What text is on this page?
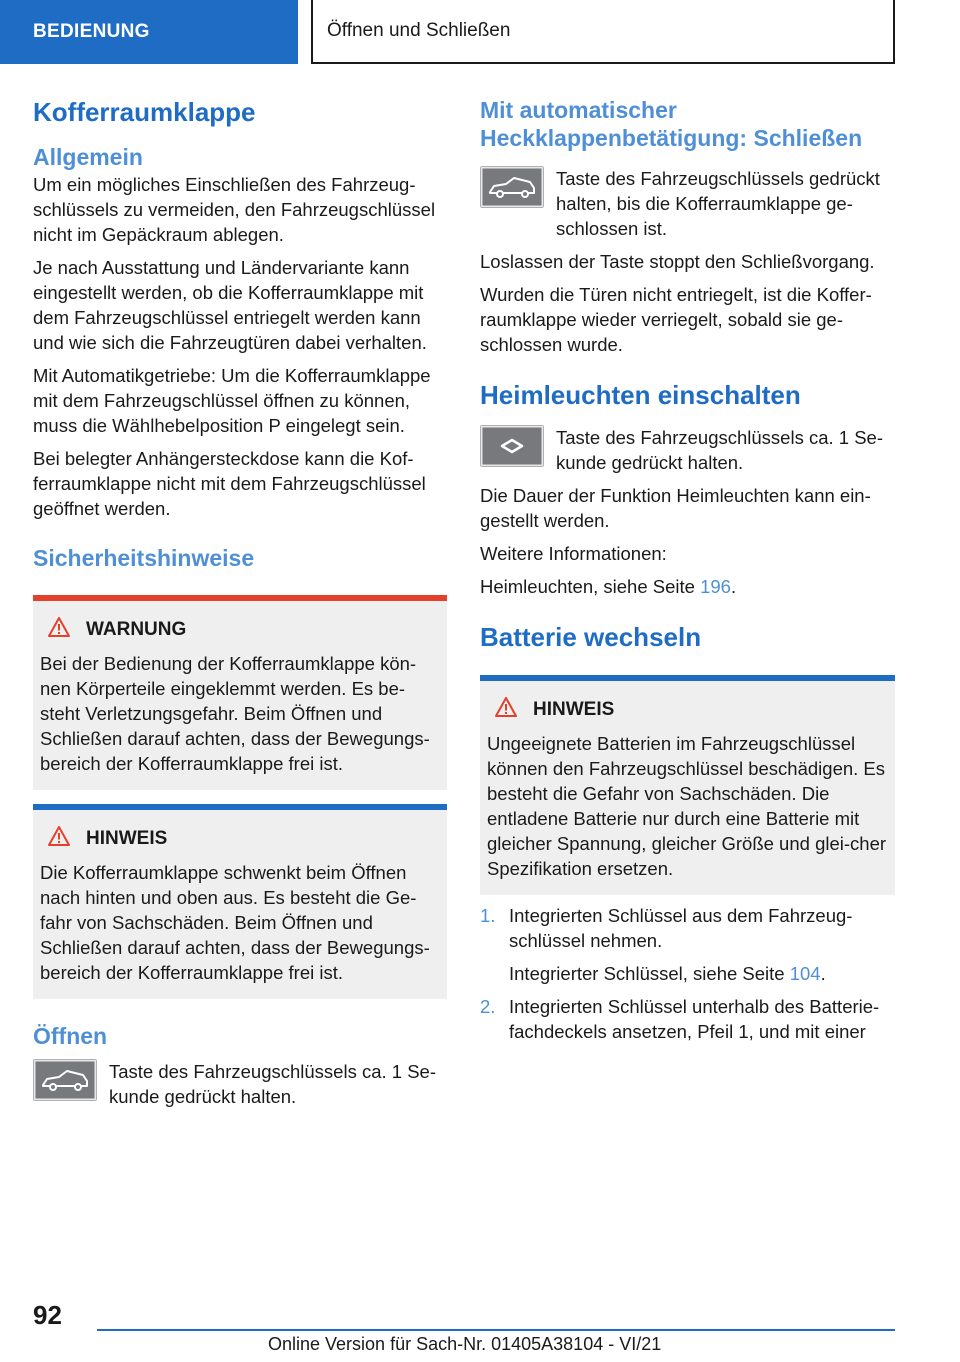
BEDIENUNG	Öffnen und Schließen
Kofferraumklappe
Allgemein

Um ein mögliches Einschließen des Fahrzeug-schlüssels zu vermeiden, den Fahrzeugschlüssel nicht im Gepäckraum ablegen.

Je nach Ausstattung und Ländervariante kann eingestellt werden, ob die Kofferraumklappe mit dem Fahrzeugschlüssel entriegelt werden kann und wie sich die Fahrzeugtüren dabei verhalten.

Mit Automatikgetriebe: Um die Kofferraumklappe mit dem Fahrzeugschlüssel öffnen zu können, muss die Wählhebelposition P eingelegt sein.

Bei belegter Anhängersteckdose kann die Kof-ferraumklappe nicht mit dem Fahrzeugschlüssel geöffnet werden.

Sicherheitshinweise
WARNUNG

Bei der Bedienung der Kofferraumklappe kön-nen Körperteile eingeklemmt werden. Es be-steht Verletzungsgefahr. Beim Öffnen und Schließen darauf achten, dass der Bewegungs-bereich der Kofferraumklappe frei ist.

HINWEIS

Die Kofferraumklappe schwenkt beim Öffnen nach hinten und oben aus. Es besteht die Ge-fahr von Sachschäden. Beim Öffnen und Schließen darauf achten, dass der Bewegungs-bereich der Kofferraumklappe frei ist.

Öffnen

Taste des Fahrzeugschlüssels ca. 1 Se-kunde gedrückt halten.

Mit automatischer Heckklappenbetätigung: Schließen

Taste des Fahrzeugschlüssels gedrückt halten, bis die Kofferraumklappe ge-schlossen ist.

Loslassen der Taste stoppt den Schließvorgang.

Wurden die Türen nicht entriegelt, ist die Koffer-raumklappe wieder verriegelt, sobald sie ge-schlossen wurde.

Heimleuchten einschalten

Taste des Fahrzeugschlüssels ca. 1 Se-kunde gedrückt halten.

Die Dauer der Funktion Heimleuchten kann ein-gestellt werden.

Weitere Informationen:

Heimleuchten, siehe Seite 196.

Batterie wechseln
HINWEIS

Ungeeignete Batterien im Fahrzeugschlüssel können den Fahrzeugschlüssel beschädigen. Es besteht die Gefahr von Sachschäden. Die entladene Batterie nur durch eine Batterie mit gleicher Spannung, gleicher Größe und glei-cher Spezifikation ersetzen.

1. Integrierten Schlüssel aus dem Fahrzeug-schlüssel nehmen.
Integrierter Schlüssel, siehe Seite 104.
2. Integrierten Schlüssel unterhalb des Batterie-fachdeckels ansetzen, Pfeil 1, und mit einer
92
Online Version für Sach-Nr. 01405A38104 - VI/21
